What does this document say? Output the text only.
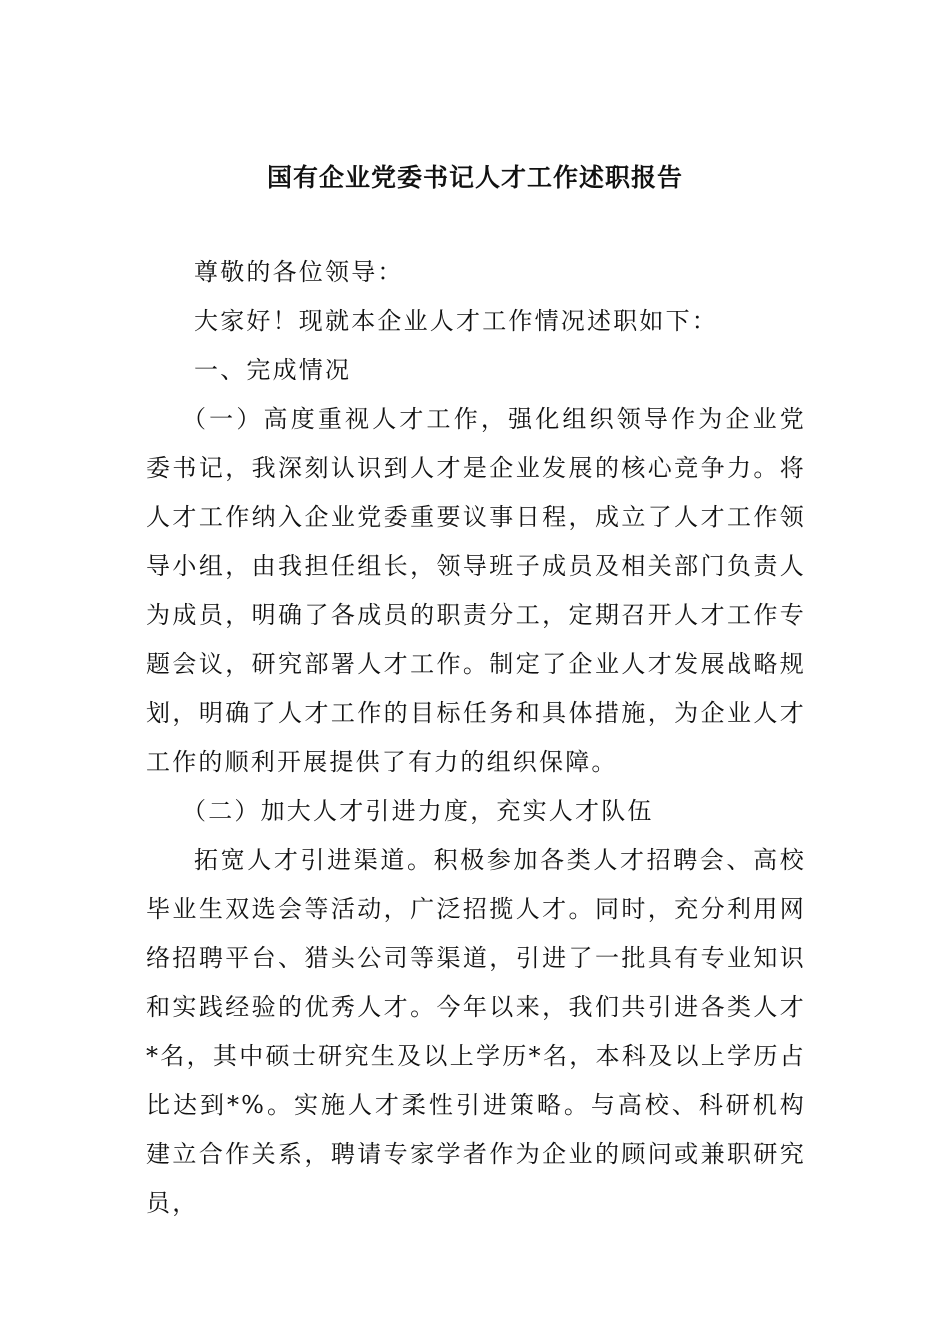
国有企业党委书记人才工作述职报告

尊敬的各位领导：

大家好！现就本企业人才工作情况述职如下：

一、完成情况

（一）高度重视人才工作，强化组织领导作为企业党委书记，我深刻认识到人才是企业发展的核心竞争力。将人才工作纳入企业党委重要议事日程，成立了人才工作领导小组，由我担任组长，领导班子成员及相关部门负责人为成员，明确了各成员的职责分工，定期召开人才工作专题会议，研究部署人才工作。制定了企业人才发展战略规划，明确了人才工作的目标任务和具体措施，为企业人才工作的顺利开展提供了有力的组织保障。

（二）加大人才引进力度，充实人才队伍

拓宽人才引进渠道。积极参加各类人才招聘会、高校毕业生双选会等活动，广泛招揽人才。同时，充分利用网络招聘平台、猎头公司等渠道，引进了一批具有专业知识和实践经验的优秀人才。今年以来，我们共引进各类人才*名，其中硕士研究生及以上学历*名，本科及以上学历占比达到*%。实施人才柔性引进策略。与高校、科研机构建立合作关系，聘请专家学者作为企业的顾问或兼职研究员，
